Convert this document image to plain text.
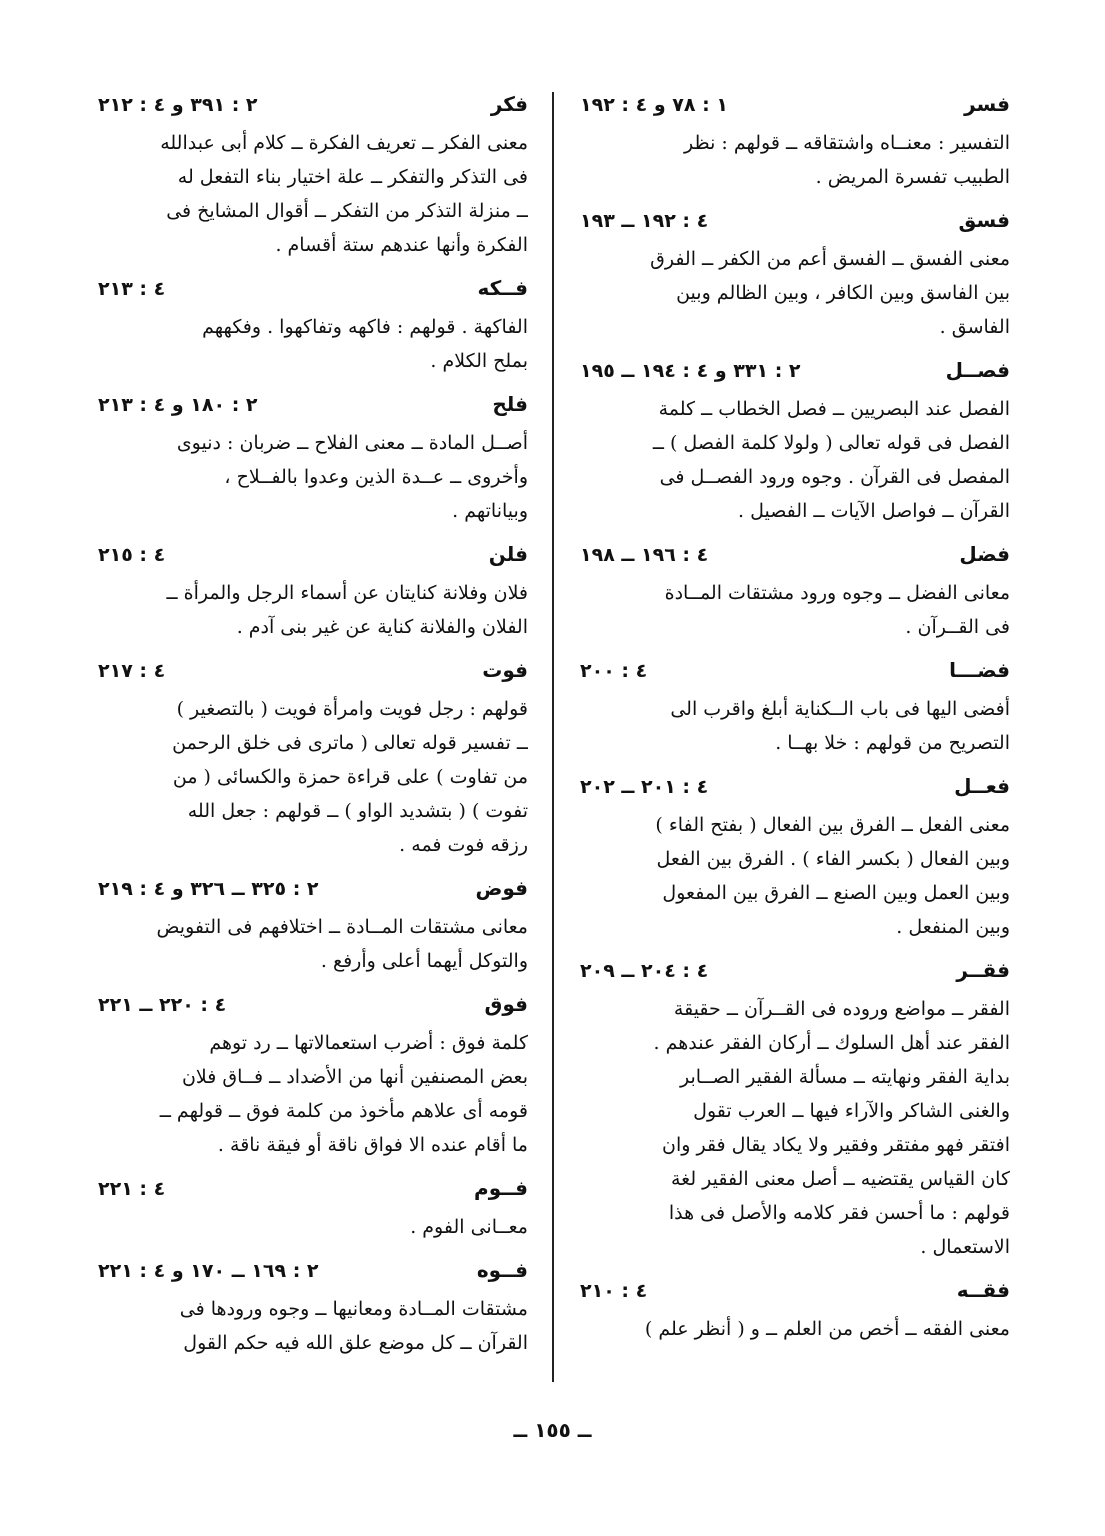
فسر
١ : ٧٨ و ٤ : ١٩٢
التفسير : معنــاه واشتقاقه ــ قولهم : نظر
الطبيب تفسرة المريض .
فسق
٤ : ١٩٢ ــ ١٩٣
معنى الفسق ــ الفسق أعم من الكفر ــ الفرق
بين الفاسق وبين الكافر ، وبين الظالم وبين
الفاسق .
فصــل
٢ : ٣٣١ و ٤ : ١٩٤ ــ ١٩٥
الفصل عند البصريين ــ فصل الخطاب ــ كلمة
الفصل فى قوله تعالى ( ولولا كلمة الفصل ) ــ
المفصل فى القرآن . وجوه ورود الفصــل فى
القرآن ــ فواصل الآيات ــ الفصيل .
فضل
٤ : ١٩٦ ــ ١٩٨
معانى الفضل ــ وجوه ورود مشتقات المــادة
فى القــرآن .
فضـــا
٤ : ٢٠٠
أفضى اليها فى باب الــكناية أبلغ واقرب الى
التصريح من قولهم : خلا بهــا .
فعــل
٤ : ٢٠١ ــ ٢٠٢
معنى الفعل ــ الفرق بين الفعال ( بفتح الفاء )
وبين الفعال ( بكسر الفاء ) . الفرق بين الفعل
وبين العمل وبين الصنع ــ الفرق بين المفعول
وبين المنفعل .
فقــر
٤ : ٢٠٤ ــ ٢٠٩
الفقر ــ مواضع وروده فى القــرآن ــ حقيقة
الفقر عند أهل السلوك ــ أركان الفقر عندهم .
بداية الفقر ونهايته ــ مسألة الفقير الصــابر
والغنى الشاكر والآراء فيها ــ العرب تقول
افتقر فهو مفتقر وفقير ولا يكاد يقال فقر وان
كان القياس يقتضيه ــ أصل معنى الفقير لغة
قولهم : ما أحسن فقر كلامه والأصل فى هذا
الاستعمال .
فقــه
٤ : ٢١٠
معنى الفقه ــ أخص من العلم ــ و ( أنظر علم )
فكر
٢ : ٣٩١ و ٤ : ٢١٢
معنى الفكر ــ تعريف الفكرة ــ كلام أبى عبدالله
فى التذكر والتفكر ــ علة اختيار بناء التفعل له
ــ منزلة التذكر من التفكر ــ أقوال المشايخ فى
الفكرة وأنها عندهم ستة أقسام .
فــكه
٤ : ٢١٣
الفاكهة . قولهم : فاكهه وتفاكهوا . وفكههم
بملح الكلام .
فلح
٢ : ١٨٠ و ٤ : ٢١٣
أصــل المادة ــ معنى الفلاح ــ ضربان : دنيوى
وأخروى ــ عــدة الذين وعدوا بالفــلاح ،
وبياناتهم .
فلن
٤ : ٢١٥
فلان وفلانة كنايتان عن أسماء الرجل والمرأة ــ
الفلان والفلانة كناية عن غير بنى آدم .
فوت
٤ : ٢١٧
قولهم : رجل فويت وامرأة فويت ( بالتصغير )
ــ تفسير قوله تعالى ( ماترى فى خلق الرحمن
من تفاوت ) على قراءة حمزة والكسائى ( من
تفوت ) ( بتشديد الواو ) ــ قولهم : جعل الله
رزقه فوت فمه .
فوض
٢ : ٣٢٥ ــ ٣٢٦ و ٤ : ٢١٩
معانى مشتقات المــادة ــ اختلافهم فى التفويض
والتوكل أيهما أعلى وأرفع .
فوق
٤ : ٢٢٠ ــ ٢٢١
كلمة فوق : أضرب استعمالاتها ــ رد توهم
بعض المصنفين أنها من الأضداد ــ فــاق فلان
قومه أى علاهم مأخوذ من كلمة فوق ــ قولهم ــ
ما أقام عنده الا فواق ناقة أو فيقة ناقة .
فــوم
٤ : ٢٢١
معــانى الفوم .
فــوه
٢ : ١٦٩ ــ ١٧٠ و ٤ : ٢٢١
مشتقات المــادة ومعانيها ــ وجوه ورودها فى
القرآن ــ كل موضع علق الله فيه حكم القول
ــ ١٥٥ ــ
